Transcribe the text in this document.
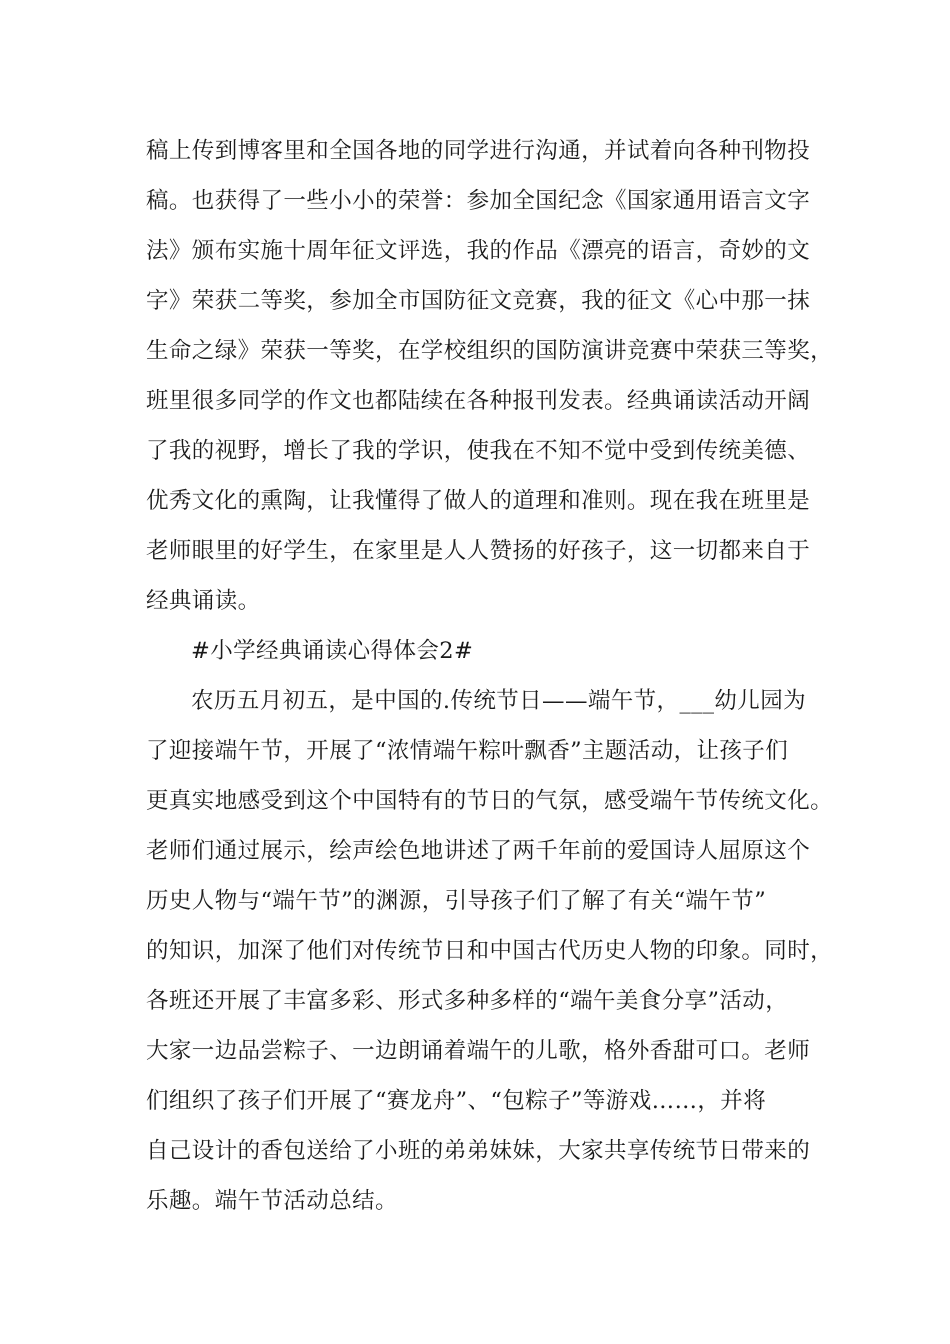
稿上传到博客里和全国各地的同学进行沟通，并试着向各种刊物投
稿。也获得了一些小小的荣誉：参加全国纪念《国家通用语言文字
法》颁布实施十周年征文评选，我的作品《漂亮的语言，奇妙的文
字》荣获二等奖，参加全市国防征文竞赛，我的征文《心中那一抹
生命之绿》荣获一等奖，在学校组织的国防演讲竞赛中荣获三等奖，
班里很多同学的作文也都陆续在各种报刊发表。经典诵读活动开阔
了我的视野，增长了我的学识，使我在不知不觉中受到传统美德、
优秀文化的熏陶，让我懂得了做人的道理和准则。现在我在班里是
老师眼里的好学生，在家里是人人赞扬的好孩子，这一切都来自于
经典诵读。
#小学经典诵读心得体会2#
农历五月初五，是中国的.传统节日——端午节，___幼儿园为
了迎接端午节，开展了“浓情端午粽叶飘香”主题活动，让孩子们
更真实地感受到这个中国特有的节日的气氛，感受端午节传统文化。
老师们通过展示，绘声绘色地讲述了两千年前的爱国诗人屈原这个
历史人物与“端午节”的渊源，引导孩子们了解了有关“端午节”
的知识，加深了他们对传统节日和中国古代历史人物的印象。同时，
各班还开展了丰富多彩、形式多种多样的“端午美食分享”活动，
大家一边品尝粽子、一边朗诵着端午的儿歌，格外香甜可口。老师
们组织了孩子们开展了“赛龙舟”、“包粽子”等游戏……，并将
自己设计的香包送给了小班的弟弟妹妹，大家共享传统节日带来的
乐趣。端午节活动总结。
